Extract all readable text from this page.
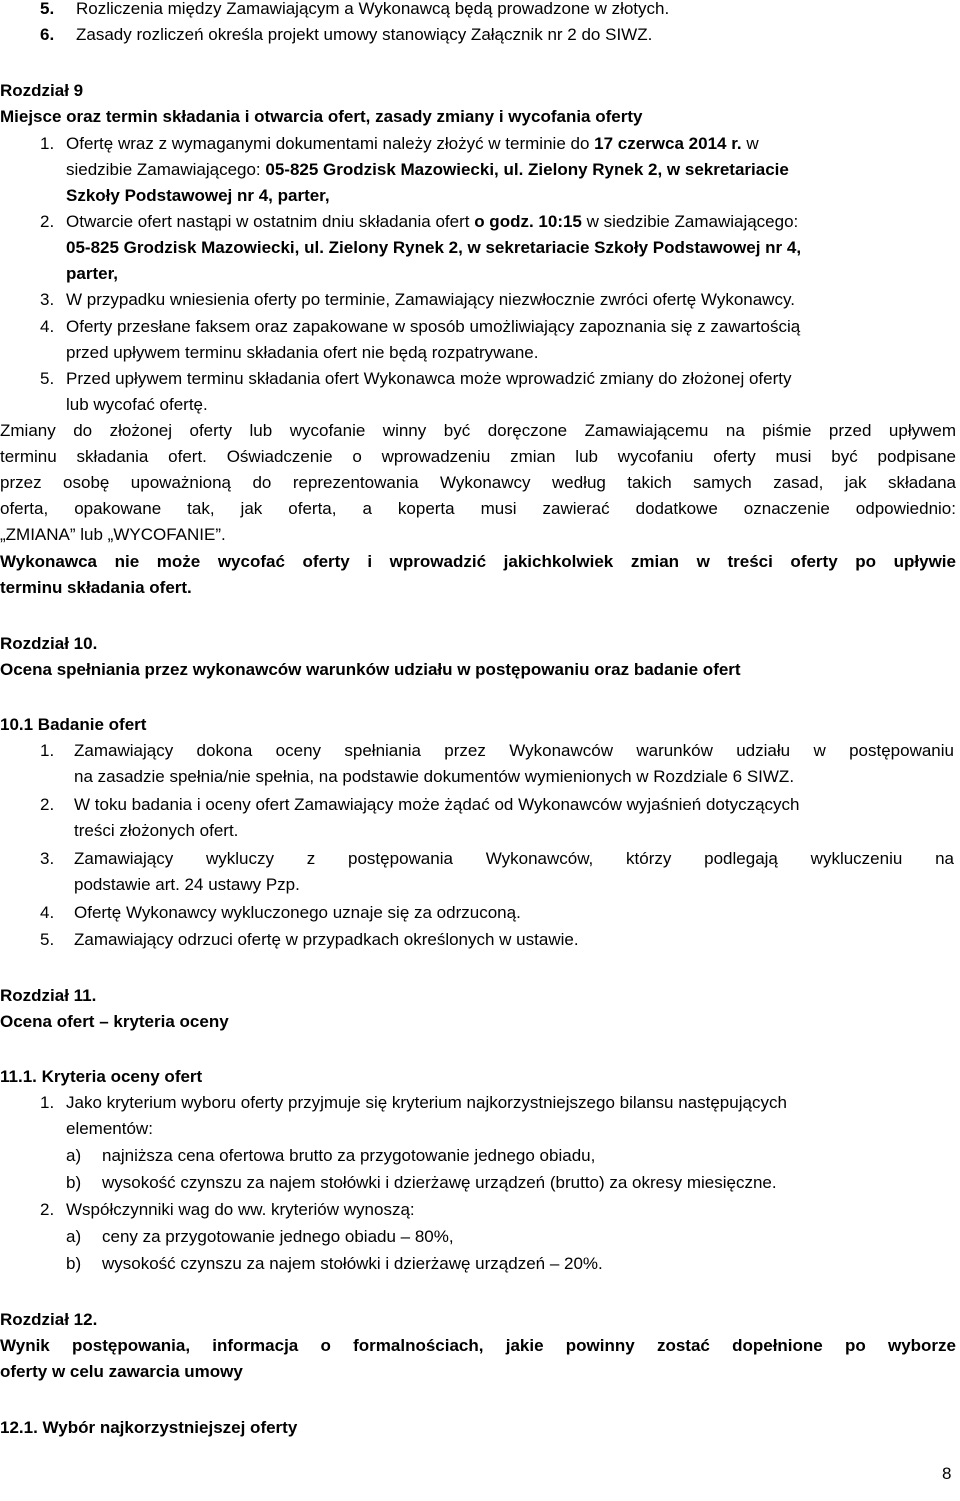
5. Rozliczenia między Zamawiającym a Wykonawcą będą prowadzone w złotych.
6. Zasady rozliczeń określa projekt umowy stanowiący Załącznik nr 2 do SIWZ.
Rozdział 9
Miejsce oraz termin składania i otwarcia ofert, zasady zmiany i wycofania oferty
1. Ofertę wraz z wymaganymi dokumentami należy złożyć w terminie do 17 czerwca 2014 r. w
siedzibie Zamawiającego: 05-825 Grodzisk Mazowiecki, ul. Zielony Rynek 2, w sekretariacie
Szkoły Podstawowej nr 4, parter,
2. Otwarcie ofert nastąpi w ostatnim dniu składania ofert o godz. 10:15 w siedzibie Zamawiającego:
05-825 Grodzisk Mazowiecki, ul. Zielony Rynek 2, w sekretariacie Szkoły Podstawowej nr 4,
parter,
3. W przypadku wniesienia oferty po terminie, Zamawiający niezwłocznie zwróci ofertę Wykonawcy.
4. Oferty przesłane faksem oraz zapakowane w sposób umożliwiający zapoznania się z zawartością
przed upływem terminu składania ofert nie będą rozpatrywane.
5. Przed upływem terminu składania ofert Wykonawca może wprowadzić zmiany do złożonej oferty
lub wycofać ofertę.
Zmiany do złożonej oferty lub wycofanie winny być doręczone Zamawiającemu na piśmie przed upływem
terminu składania ofert. Oświadczenie o wprowadzeniu zmian lub wycofaniu oferty musi być podpisane
przez osobę upoważnioną do reprezentowania Wykonawcy według takich samych zasad, jak składana
oferta, opakowane tak, jak oferta, a koperta musi zawierać dodatkowe oznaczenie odpowiednio:
„ZMIANA” lub „WYCOFANIE”.
Wykonawca nie może wycofać oferty i wprowadzić jakichkolwiek zmian w treści oferty po upływie
terminu składania ofert.
Rozdział 10.
Ocena spełniania przez wykonawców warunków udziału w postępowaniu oraz badanie ofert
10.1 Badanie ofert
1. Zamawiający dokona oceny spełniania przez Wykonawców warunków udziału w postępowaniu
na zasadzie spełnia/nie spełnia, na podstawie dokumentów wymienionych w Rozdziale 6 SIWZ.
2. W toku badania i oceny ofert Zamawiający może żądać od Wykonawców wyjaśnień dotyczących
treści złożonych ofert.
3. Zamawiający wykluczy z postępowania Wykonawców, którzy podlegają wykluczeniu na
podstawie art. 24 ustawy Pzp.
4. Ofertę Wykonawcy wykluczonego uznaje się za odrzuconą.
5. Zamawiający odrzuci ofertę w przypadkach określonych w ustawie.
Rozdział 11.
Ocena ofert – kryteria oceny
11.1. Kryteria oceny ofert
1. Jako kryterium wyboru oferty przyjmuje się kryterium najkorzystniejszego bilansu następujących
elementów:
a) najniższa cena ofertowa brutto za przygotowanie jednego obiadu,
b) wysokość czynszu za najem stołówki i dzierżawę urządzeń (brutto) za okresy miesięczne.
2. Współczynniki wag do ww. kryteriów wynoszą:
a) ceny za przygotowanie jednego obiadu – 80%,
b) wysokość czynszu za najem stołówki i dzierżawę urządzeń – 20%.
Rozdział 12.
Wynik postępowania, informacja o formalnościach, jakie powinny zostać dopełnione po wyborze
oferty w celu zawarcia umowy
12.1. Wybór najkorzystniejszej oferty
8
